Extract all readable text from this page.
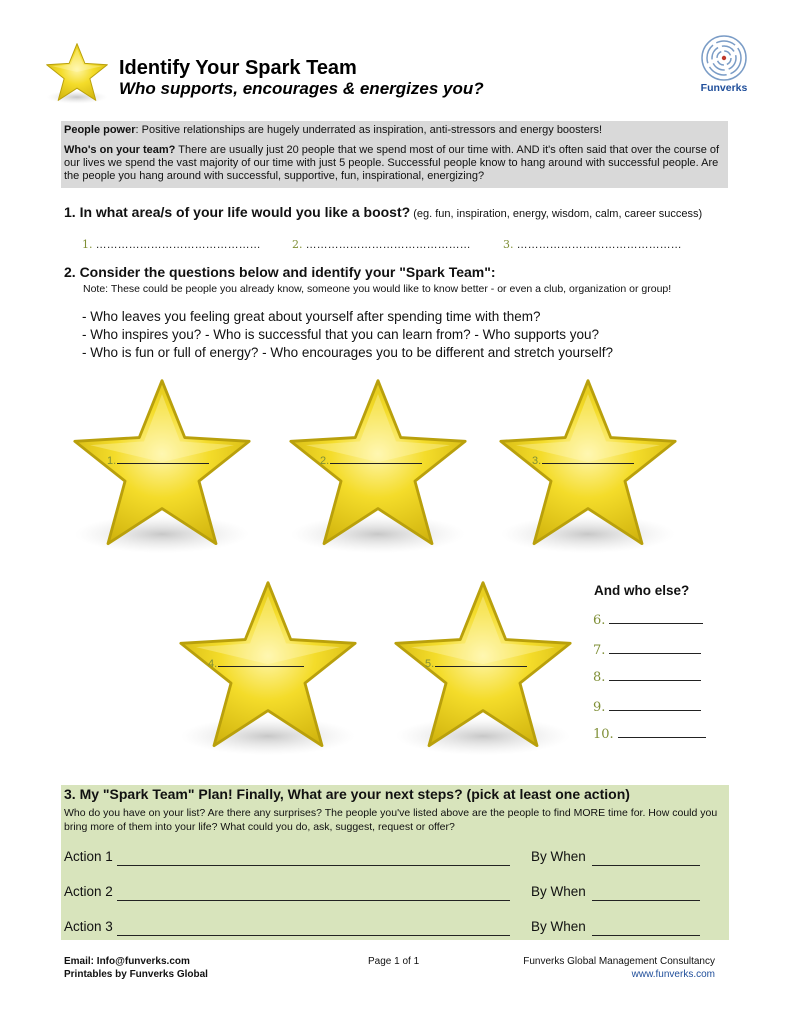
Identify Your Spark Team
Who supports, encourages & energizes you?	Funverks

People power: Positive relationships are hugely underrated as inspiration, anti-stressors and energy boosters!

Who's on your team? There are usually just 20 people that we spend most of our time with. AND it's often said that over the course of our lives we spend the vast majority of our time with just 5 people. Successful people know to hang around with successful people. Are the people you hang around with successful, supportive, fun, inspirational, energizing?

1. In what area/s of your life would you like a boost? (eg. fun, inspiration, energy, wisdom, calm, career success)
1. ………………………………………	2. ………………………………………	3. ………………………………………
2. Consider the questions below and identify your "Spark Team":
Note: These could be people you already know, someone you would like to know better - or even a club, organization or group!
- Who leaves you feeling great about yourself after spending time with them?
- Who inspires you? - Who is successful that you can learn from? - Who supports you?
- Who is fun or full of energy? - Who encourages you to be different and stretch yourself?
1.	2.	3.
4.	5.
And who else?
6.
7.
8.
9.
10.
3. My "Spark Team" Plan! Finally, What are your next steps? (pick at least one action)
Who do you have on your list? Are there any surprises? The people you've listed above are the people to find MORE time for. How could you bring more of them into your life? What could you do, ask, suggest, request or offer?
Action 1	By When
Action 2	By When
Action 3	By When
Email: Info@funverks.com
Printables by Funverks Global
Page 1 of 1	Funverks Global Management Consultancy
www.funverks.com
